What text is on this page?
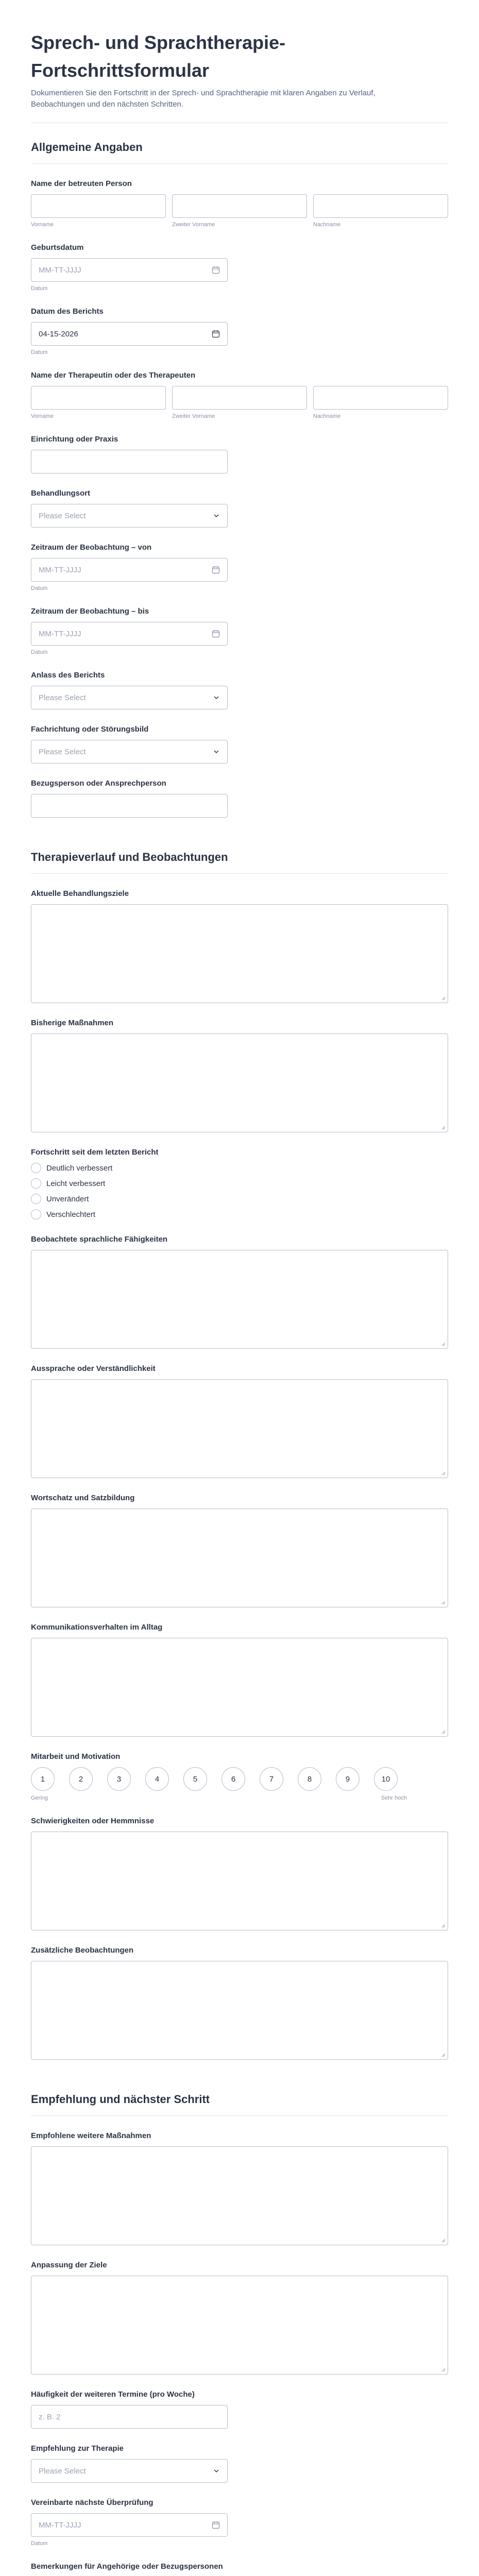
Sprech- und Sprachtherapie-Fortschrittsformular
Dokumentieren Sie den Fortschritt in der Sprech- und Sprachtherapie mit klaren Angaben zu Verlauf, Beobachtungen und den nächsten Schritten.
Allgemeine Angaben
Name der betreuten Person
Vorname	Zweiter Vorname	Nachname
Geburtsdatum
MM-TT-JJJJ
Datum
Datum des Berichts
04-15-2026
Datum
Name der Therapeutin oder des Therapeuten
Vorname	Zweiter Vorname	Nachname
Einrichtung oder Praxis
Behandlungsort
Please Select
Zeitraum der Beobachtung – von
MM-TT-JJJJ
Datum
Zeitraum der Beobachtung – bis
MM-TT-JJJJ
Datum
Anlass des Berichts
Please Select
Fachrichtung oder Störungsbild
Please Select
Bezugsperson oder Ansprechperson
Therapieverlauf und Beobachtungen
Aktuelle Behandlungsziele
Bisherige Maßnahmen
Fortschritt seit dem letzten Bericht
Deutlich verbessert
Leicht verbessert
Unverändert
Verschlechtert
Beobachtete sprachliche Fähigkeiten
Aussprache oder Verständlichkeit
Wortschatz und Satzbildung
Kommunikationsverhalten im Alltag
Mitarbeit und Motivation
1	2	3	4	5	6	7	8	9	10
Gering	Sehr hoch
Schwierigkeiten oder Hemmnisse
Zusätzliche Beobachtungen
Empfehlung und nächster Schritt
Empfohlene weitere Maßnahmen
Anpassung der Ziele
Häufigkeit der weiteren Termine (pro Woche)
z. B. 2
Empfehlung zur Therapie
Please Select
Vereinbarte nächste Überprüfung
MM-TT-JJJJ
Datum
Bemerkungen für Angehörige oder Bezugspersonen
